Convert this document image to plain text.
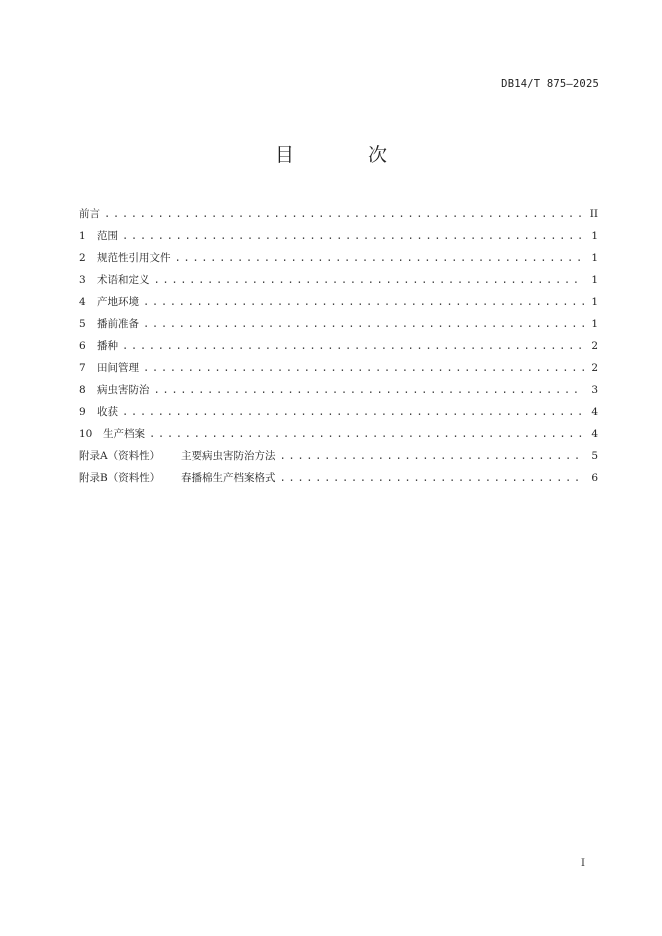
DB14/T 875—2025
目 次
前言 .....	II
1	范围 .....	1
2	规范性引用文件 .....	1
3	术语和定义 .....	1
4	产地环境 .....	1
5	播前准备 .....	1
6	播种 .....	2
7	田间管理 .....	2
8	病虫害防治 .....	3
9	收获 .....	4
10	生产档案 .....	4
附录A（资料性）	主要病虫害防治方法 .....	5
附录B（资料性）	春播棉生产档案格式 .....	6
I
